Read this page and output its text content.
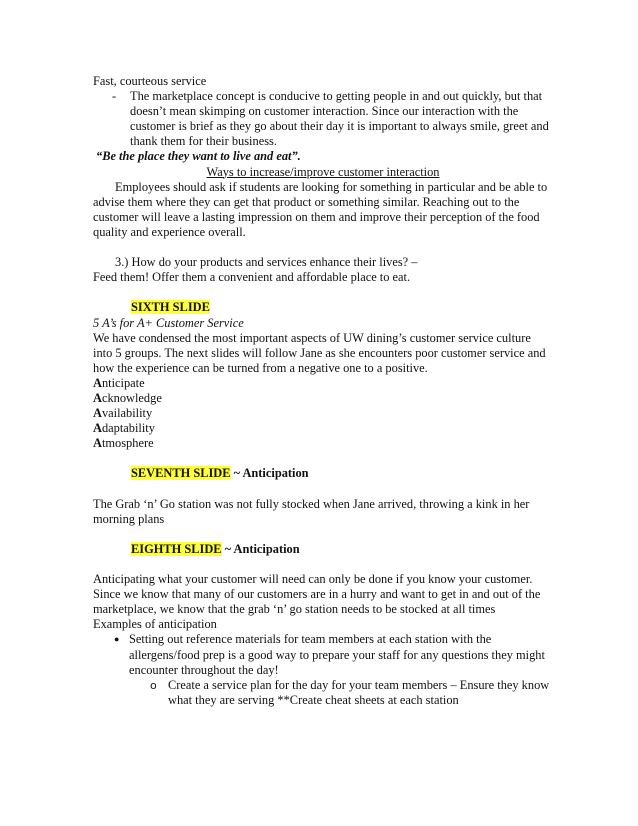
Fast, courteous service

- The marketplace concept is conducive to getting people in and out quickly, but that doesn’t mean skimping on customer interaction. Since our interaction with the customer is brief as they go about their day it is important to always smile, greet and thank them for their business.

“Be the place they want to live and eat”.

Ways to increase/improve customer interaction

Employees should ask if students are looking for something in particular and be able to advise them where they can get that product or something similar. Reaching out to the customer will leave a lasting impression on them and improve their perception of the food quality and experience overall.

3.) How do your products and services enhance their lives? –

Feed them! Offer them a convenient and affordable place to eat.

SIXTH SLIDE

5 A’s for A+ Customer Service

We have condensed the most important aspects of UW dining’s customer service culture into 5 groups. The next slides will follow Jane as she encounters poor customer service and how the experience can be turned from a negative one to a positive.

Anticipate

Acknowledge

Availability

Adaptability

Atmosphere

SEVENTH SLIDE ~ Anticipation

The Grab ‘n’ Go station was not fully stocked when Jane arrived, throwing a kink in her morning plans

EIGHTH SLIDE ~ Anticipation

Anticipating what your customer will need can only be done if you know your customer.

Since we know that many of our customers are in a hurry and want to get in and out of the marketplace, we know that the grab ‘n’ go station needs to be stocked at all times

Examples of anticipation

● Setting out reference materials for team members at each station with the allergens/food prep is a good way to prepare your staff for any questions they might encounter throughout the day!
o Create a service plan for the day for your team members – Ensure they know what they are serving **Create cheat sheets at each station
